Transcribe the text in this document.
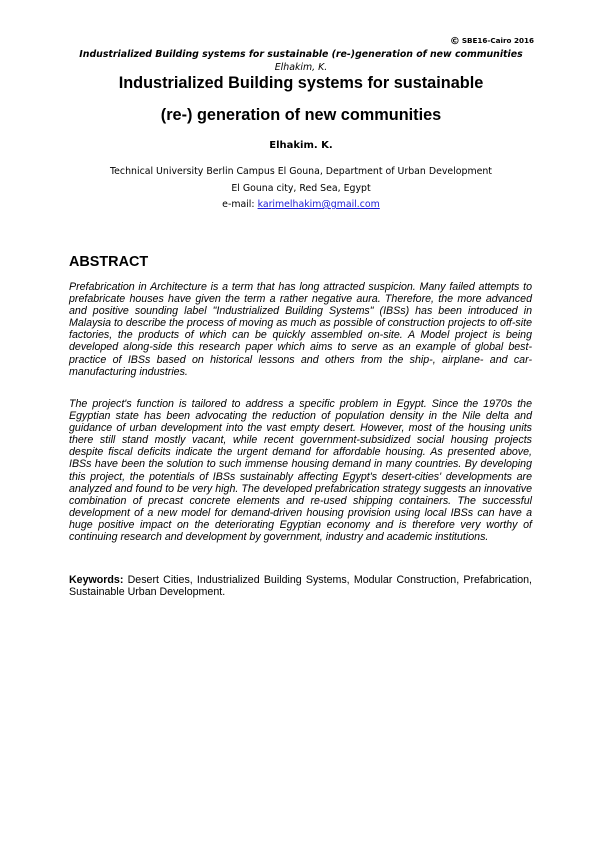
© SBE16-Cairo 2016
Industrialized Building systems for sustainable (re-)generation of new communities
Elhakim, K.
Industrialized Building systems for sustainable
(re-) generation of new communities
Elhakim. K.
Technical University Berlin Campus El Gouna, Department of Urban Development
El Gouna city, Red Sea, Egypt
e-mail: karimelhakim@gmail.com
ABSTRACT

Prefabrication in Architecture is a term that has long attracted suspicion. Many failed attempts to prefabricate houses have given the term a rather negative aura. Therefore, the more advanced and positive sounding label "Industrialized Building Systems" (IBSs) has been introduced in Malaysia to describe the process of moving as much as possible of construction projects to off-site factories, the products of which can be quickly assembled on-site. A Model project is being developed along-side this research paper which aims to serve as an example of global best-practice of IBSs based on historical lessons and others from the ship-, airplane- and car- manufacturing industries.

The project's function is tailored to address a specific problem in Egypt. Since the 1970s the Egyptian state has been advocating the reduction of population density in the Nile delta and guidance of urban development into the vast empty desert. However, most of the housing units there still stand mostly vacant, while recent government-subsidized social housing projects despite fiscal deficits indicate the urgent demand for affordable housing. As presented above, IBSs have been the solution to such immense housing demand in many countries. By developing this project, the potentials of IBSs sustainably affecting Egypt's desert-cities' developments are analyzed and found to be very high. The developed prefabrication strategy suggests an innovative combination of precast concrete elements and re-used shipping containers. The successful development of a new model for demand-driven housing provision using local IBSs can have a huge positive impact on the deteriorating Egyptian economy and is therefore very worthy of continuing research and development by government, industry and academic institutions.

Keywords: Desert Cities, Industrialized Building Systems, Modular Construction, Prefabrication, Sustainable Urban Development.
